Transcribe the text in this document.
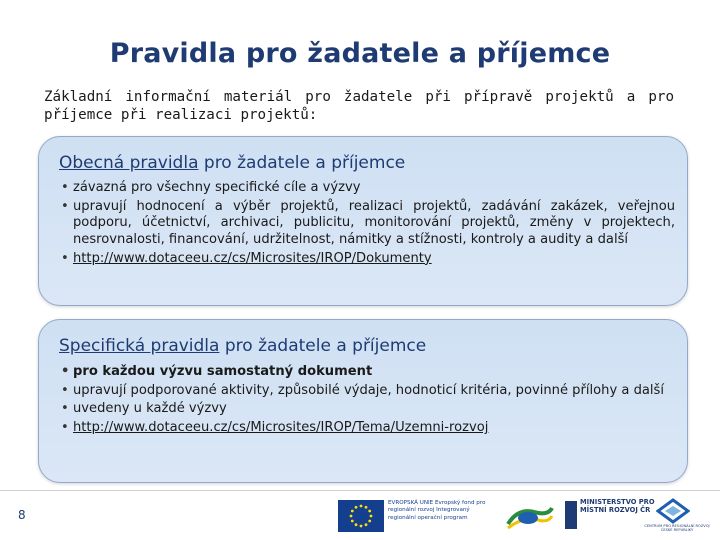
Pravidla pro žadatele a příjemce
Základní informační materiál pro žadatele při přípravě projektů a pro příjemce při realizaci projektů:
Obecná pravidla pro žadatele a příjemce
• závazná pro všechny specifické cíle a výzvy
• upravují hodnocení a výběr projektů, realizaci projektů, zadávání zakázek, veřejnou podporu, účetnictví, archivaci, publicitu, monitorování projektů, změny v projektech, nesrovnalosti, financování, udržitelnost, námitky a stížnosti, kontroly a audity a další
• http://www.dotaceeu.cz/cs/Microsites/IROP/Dokumenty
Specifická pravidla pro žadatele a příjemce
• pro každou výzvu samostatný dokument
• upravují podporované aktivity, způsobilé výdaje, hodnoticí kritéria, povinné přílohy a další
• uvedeny u každé výzvy
• http://www.dotaceeu.cz/cs/Microsites/IROP/Tema/Uzemni-rozvoj
8
EVROPSKÁ UNIE Evropský fond pro regionální rozvoj Integrovaný regionální operační program
MINISTERSTVO PRO MÍSTNÍ ROZVOJ ČR
CENTRUM PRO REGIONÁLNÍ ROZVOJ ČESKÉ REPUBLIKY
